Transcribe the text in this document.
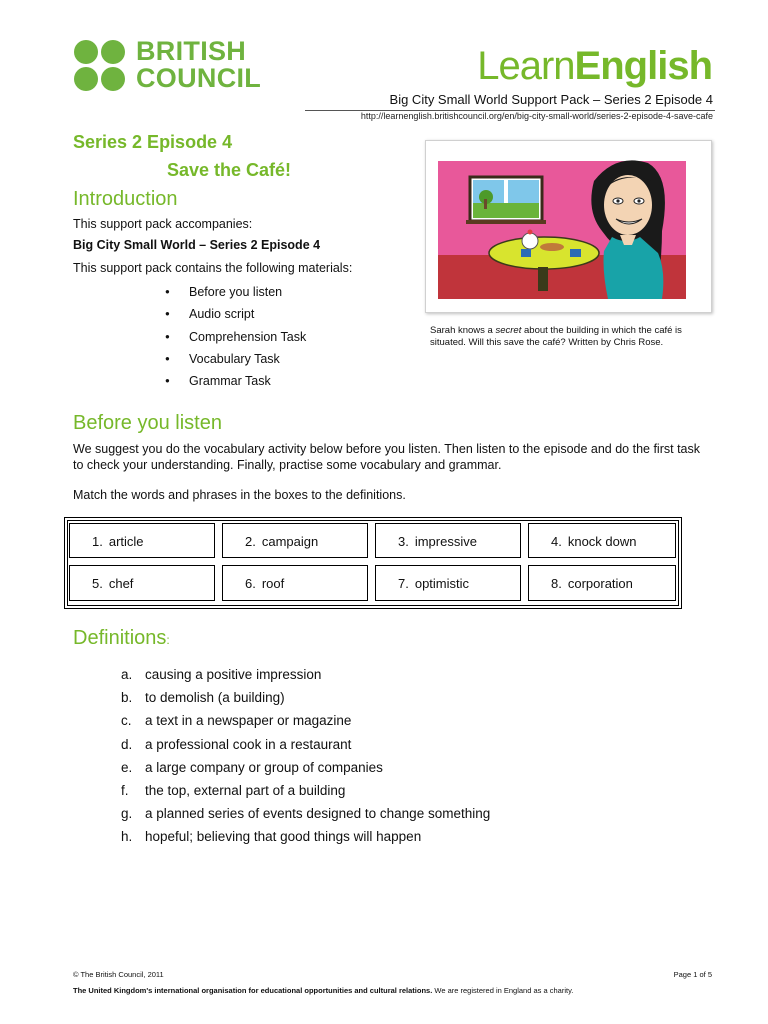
BRITISH
COUNCIL	LearnEnglish
Big City Small World Support Pack – Series 2 Episode 4
http://learnenglish.britishcouncil.org/en/big-city-small-world/series-2-episode-4-save-cafe
Series 2 Episode 4
Save the Café!
Introduction
This support pack accompanies:
Big City Small World – Series 2 Episode 4
This support pack contains the following materials:
● Before you listen
● Audio script
● Comprehension Task
● Vocabulary Task
● Grammar Task
Sarah knows a secret about the building in which the café is situated. Will this save the café? Written by Chris Rose.
Before you listen
We suggest you do the vocabulary activity below before you listen. Then listen to the episode and do the first task to check your understanding. Finally, practise some vocabulary and grammar.
Match the words and phrases in the boxes to the definitions.
1. article	2. campaign	3. impressive	4. knock down
5. chef	6. roof	7. optimistic	8. corporation
Definitions:
a. causing a positive impression
b. to demolish (a building)
c. a text in a newspaper or magazine
d. a professional cook in a restaurant
e. a large company or group of companies
f. the top, external part of a building
g. a planned series of events designed to change something
h. hopeful; believing that good things will happen
© The British Council, 2011	Page 1 of 5
The United Kingdom's international organisation for educational opportunities and cultural relations. We are registered in England as a charity.
